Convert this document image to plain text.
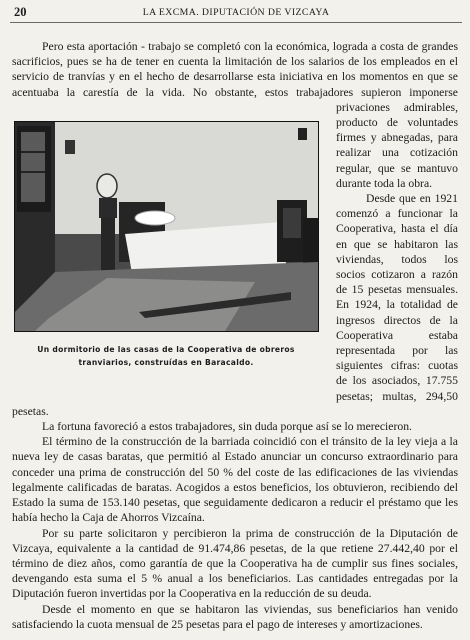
20	LA EXCMA. DIPUTACIÓN DE VIZCAYA
Un dormitorio de las casas de la Cooperativa de obreros
tranviarios, construídas en Baracaldo.

Pero esta aportación - trabajo se completó con la económica, lograda a costa de grandes sacrificios, pues se ha de tener en cuenta la limitación de los salarios de los empleados en el servicio de tranvías y en el hecho de desarrollarse esta iniciativa en los momentos en que se acentuaba la carestía de la vida. No obstante, estos trabajadores supieron impo
nerse privaciones admirables, producto de voluntades firmes y abnegadas, para realizar una cotización regular, que se mantuvo durante toda la obra.

Desde que en 1921 comenzó a funcionar la Cooperativa, hasta el día en que se habitaron las viviendas, todos los socios cotizaron a razón de 15 pesetas mensuales. En 1924, la totalidad de ingresos directos de la Cooperativa estaba representada por las siguientes cifras: cuotas de los asociados, 17.755 pesetas; multas, 294,50 pesetas.

La fortuna favoreció a estos trabajadores, sin duda porque así se lo merecieron.

El término de la construcción de la barriada coincidió con el tránsito de la ley vieja a la nueva ley de casas baratas, que permitió al Estado anunciar un concurso extraordinario para conceder una prima de construcción del 50 % del coste de las edificaciones de las viviendas legalmente calificadas de baratas. Acogidos a estos beneficios, los obtuvieron, recibiendo del Estado la suma de 153.140 pesetas, que seguidamente dedicaron a reducir el préstamo que les había hecho la Caja de Ahorros Vizcaína.

Por su parte solicitaron y percibieron la prima de construcción de la Diputación de Vizcaya, equivalente a la cantidad de 91.474,86 pesetas, de la que retiene 27.442,40 por el término de diez años, como garantía de que la Cooperativa ha de cumplir sus fines sociales, devengando esta suma el 5 % anual a los beneficiarios. Las cantidades entregadas por la Diputación fueron invertidas por la Cooperativa en la reducción de su deuda.

Desde el momento en que se habitaron las viviendas, sus beneficiarios han venido satisfaciendo la cuota mensual de 25 pesetas para el pago de intereses y amortizaciones.
